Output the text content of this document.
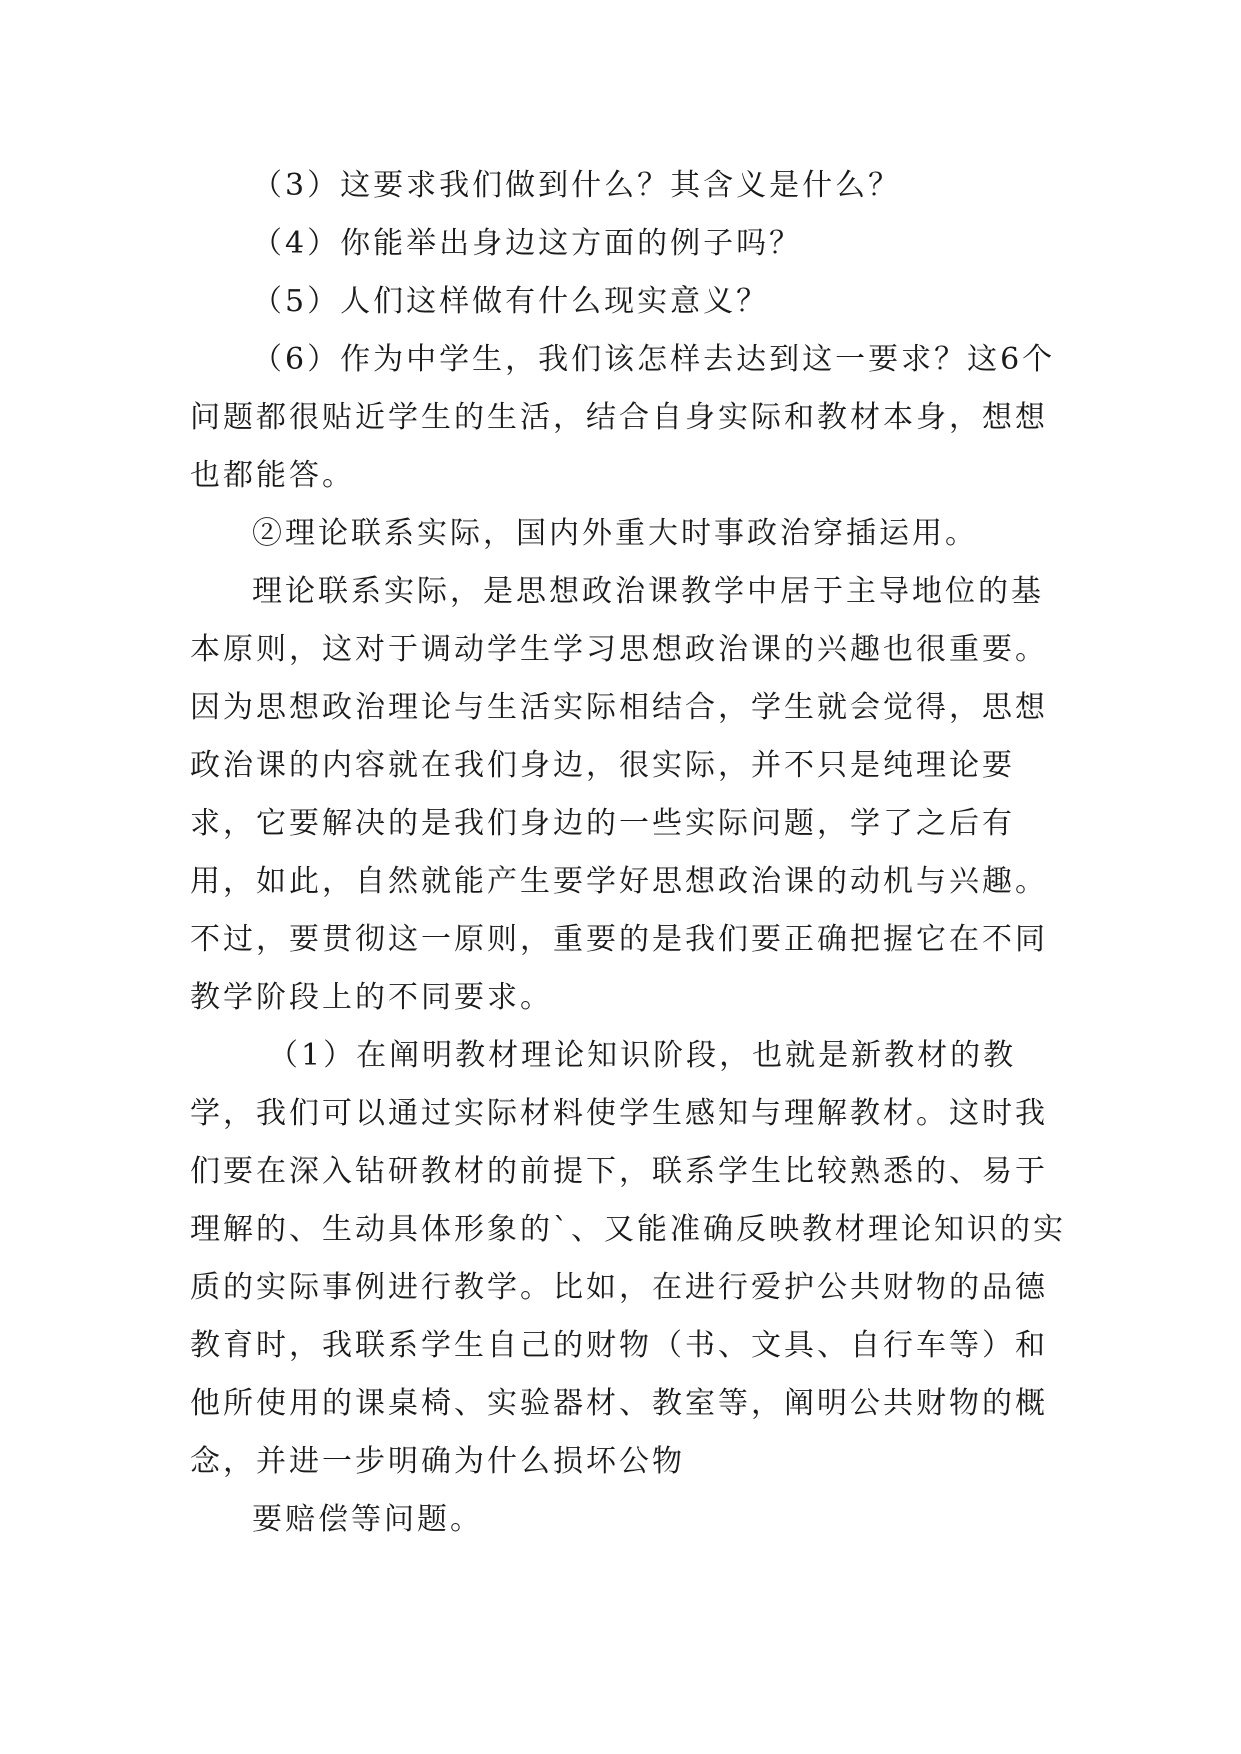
（3）这要求我们做到什么？其含义是什么？

（4）你能举出身边这方面的例子吗？

（5）人们这样做有什么现实意义？

（6）作为中学生，我们该怎样去达到这一要求？这6个问题都很贴近学生的生活，结合自身实际和教材本身，想想也都能答。

②理论联系实际，国内外重大时事政治穿插运用。

理论联系实际，是思想政治课教学中居于主导地位的基本原则，这对于调动学生学习思想政治课的兴趣也很重要。因为思想政治理论与生活实际相结合，学生就会觉得，思想政治课的内容就在我们身边，很实际，并不只是纯理论要求，它要解决的是我们身边的一些实际问题，学了之后有用，如此，自然就能产生要学好思想政治课的动机与兴趣。不过，要贯彻这一原则，重要的是我们要正确把握它在不同教学阶段上的不同要求。

（1）在阐明教材理论知识阶段，也就是新教材的教学，我们可以通过实际材料使学生感知与理解教材。这时我们要在深入钻研教材的前提下，联系学生比较熟悉的、易于理解的、生动具体形象的`、又能准确反映教材理论知识的实质的实际事例进行教学。比如，在进行爱护公共财物的品德教育时，我联系学生自己的财物（书、文具、自行车等）和他所使用的课桌椅、实验器材、教室等，阐明公共财物的概念，并进一步明确为什么损坏公物

要赔偿等问题。
